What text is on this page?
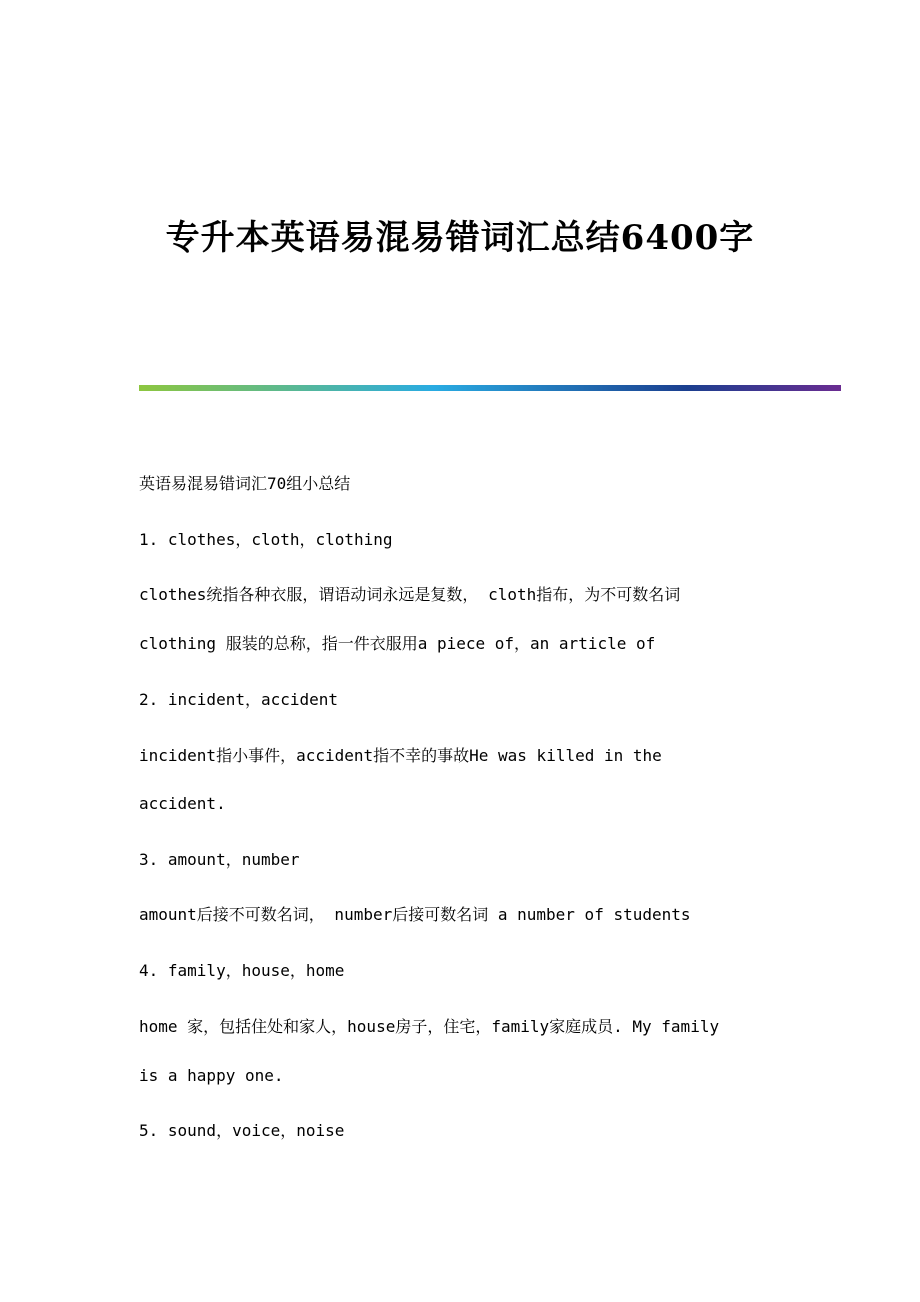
专升本英语易混易错词汇总结6400字

英语易混易错词汇70组小总结

1. clothes，cloth，clothing

clothes统指各种衣服，谓语动词永远是复数， cloth指布，为不可数名词

clothing 服装的总称，指一件衣服用a piece of，an article of

2. incident，accident

incident指小事件，accident指不幸的事故He was killed in the

accident.

3. amount，number

amount后接不可数名词， number后接可数名词 a number of students

4. family，house，home

home 家，包括住处和家人，house房子，住宅，family家庭成员. My family

is a happy one.

5. sound，voice，noise
